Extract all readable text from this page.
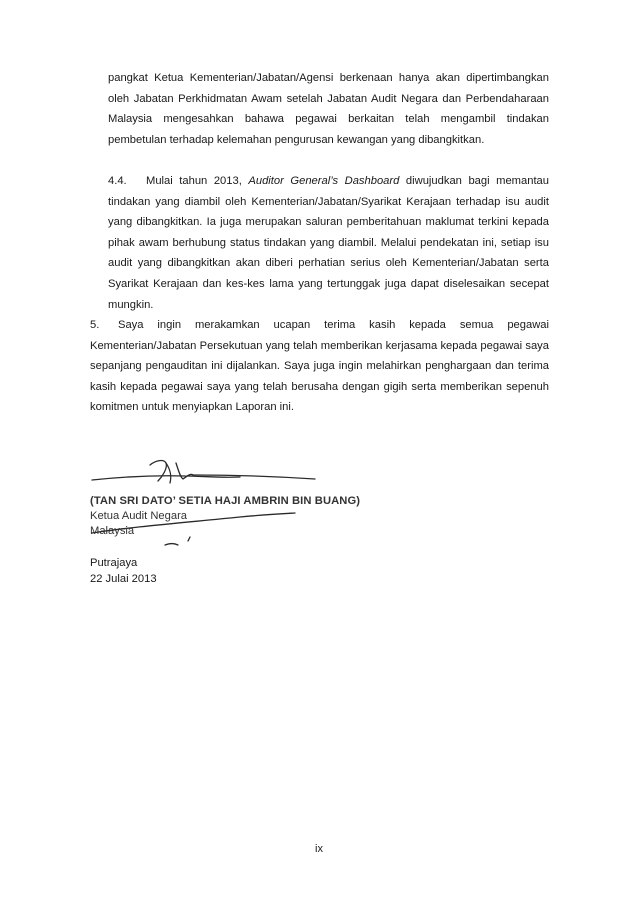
pangkat Ketua Kementerian/Jabatan/Agensi berkenaan hanya akan dipertimbangkan oleh Jabatan Perkhidmatan Awam setelah Jabatan Audit Negara dan Perbendaharaan Malaysia mengesahkan bahawa pegawai berkaitan telah mengambil tindakan pembetulan terhadap kelemahan pengurusan kewangan yang dibangkitkan.

4.4. Mulai tahun 2013, Auditor General’s Dashboard diwujudkan bagi memantau tindakan yang diambil oleh Kementerian/Jabatan/Syarikat Kerajaan terhadap isu audit yang dibangkitkan. Ia juga merupakan saluran pemberitahuan maklumat terkini kepada pihak awam berhubung status tindakan yang diambil. Melalui pendekatan ini, setiap isu audit yang dibangkitkan akan diberi perhatian serius oleh Kementerian/Jabatan serta Syarikat Kerajaan dan kes-kes lama yang tertunggak juga dapat diselesaikan secepat mungkin.

5. Saya ingin merakamkan ucapan terima kasih kepada semua pegawai Kementerian/Jabatan Persekutuan yang telah memberikan kerjasama kepada pegawai saya sepanjang pengauditan ini dijalankan. Saya juga ingin melahirkan penghargaan dan terima kasih kepada pegawai saya yang telah berusaha dengan gigih serta memberikan sepenuh komitmen untuk menyiapkan Laporan ini.

(TAN SRI DATO’ SETIA HAJI AMBRIN BIN BUANG)
Ketua Audit Negara
Malaysia
Putrajaya
22 Julai 2013
ix
